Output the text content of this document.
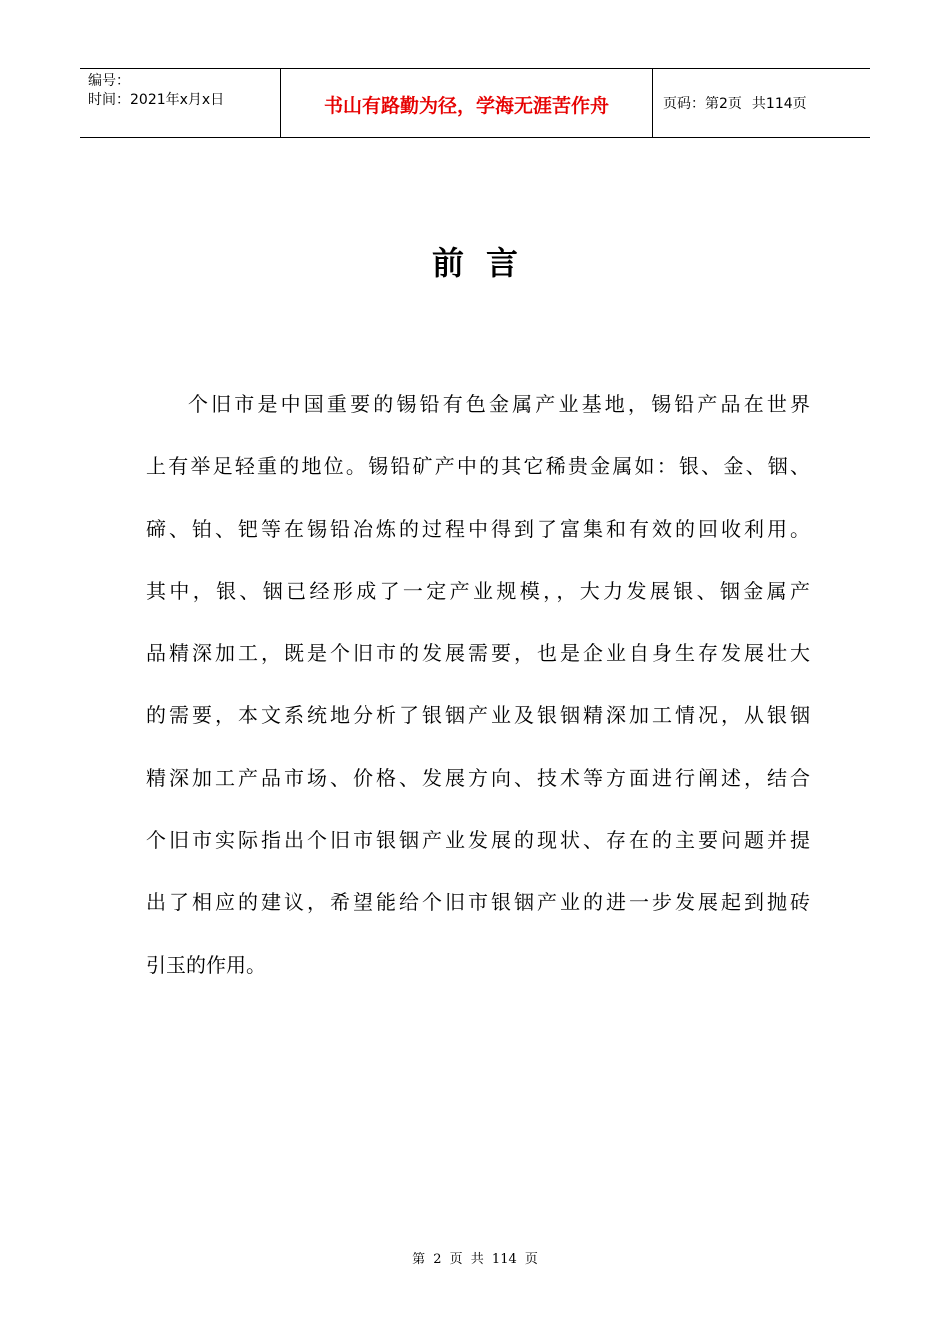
编号：
时间：2021年x月x日	书山有路勤为径，学海无涯苦作舟	页码：第2页 共114页
前言
个旧市是中国重要的锡铅有色金属产业基地，锡铅产品在世界
上有举足轻重的地位。锡铅矿产中的其它稀贵金属如：银、金、铟、
碲、铂、钯等在锡铅冶炼的过程中得到了富集和有效的回收利用。
其中，银、铟已经形成了一定产业规模，，大力发展银、铟金属产
品精深加工，既是个旧市的发展需要，也是企业自身生存发展壮大
的需要，本文系统地分析了银铟产业及银铟精深加工情况，从银铟
精深加工产品市场、价格、发展方向、技术等方面进行阐述，结合
个旧市实际指出个旧市银铟产业发展的现状、存在的主要问题并提
出了相应的建议，希望能给个旧市银铟产业的进一步发展起到抛砖
引玉的作用。
第 2 页 共 114 页
